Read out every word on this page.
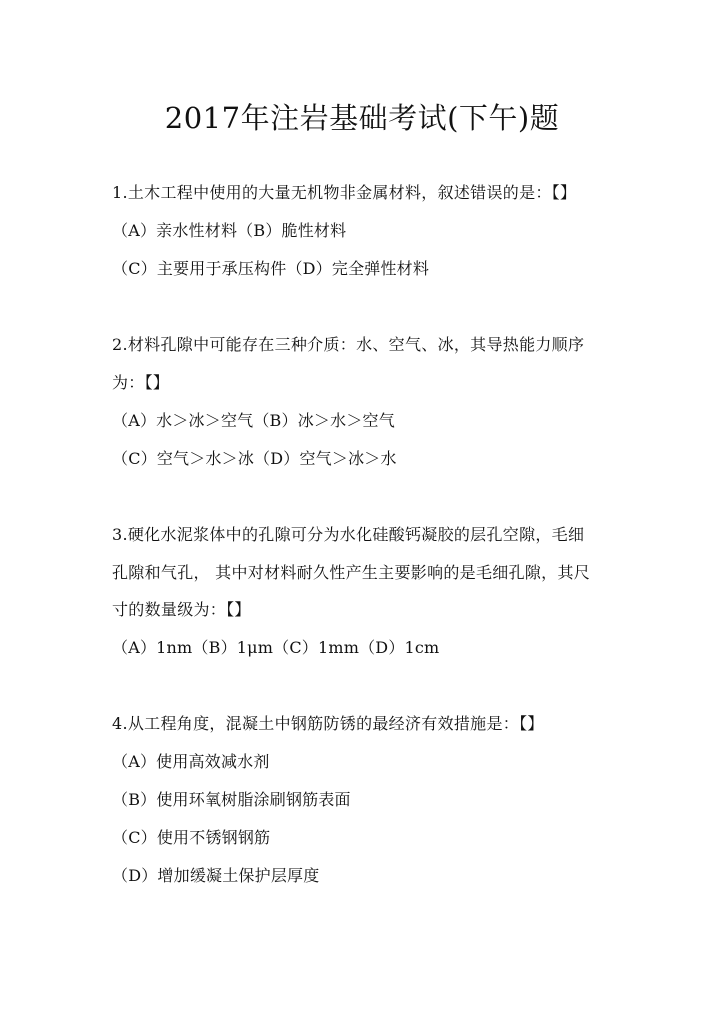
2017年注岩基础考试(下午)题
1.土木工程中使用的大量无机物非金属材料，叙述错误的是：【】
（A）亲水性材料（B）脆性材料
（C）主要用于承压构件（D）完全弹性材料
2.材料孔隙中可能存在三种介质：水、空气、冰，其导热能力顺序
为：【】
（A）水＞冰＞空气（B）冰＞水＞空气
（C）空气＞水＞冰（D）空气＞冰＞水
3.硬化水泥浆体中的孔隙可分为水化硅酸钙凝胶的层孔空隙，毛细
孔隙和气孔， 其中对材料耐久性产生主要影响的是毛细孔隙，其尺
寸的数量级为：【】
（A）1nm（B）1μm（C）1mm（D）1cm
4.从工程角度，混凝土中钢筋防锈的最经济有效措施是：【】
（A）使用高效减水剂
（B）使用环氧树脂涂刷钢筋表面
（C）使用不锈钢钢筋
（D）增加缓凝土保护层厚度
